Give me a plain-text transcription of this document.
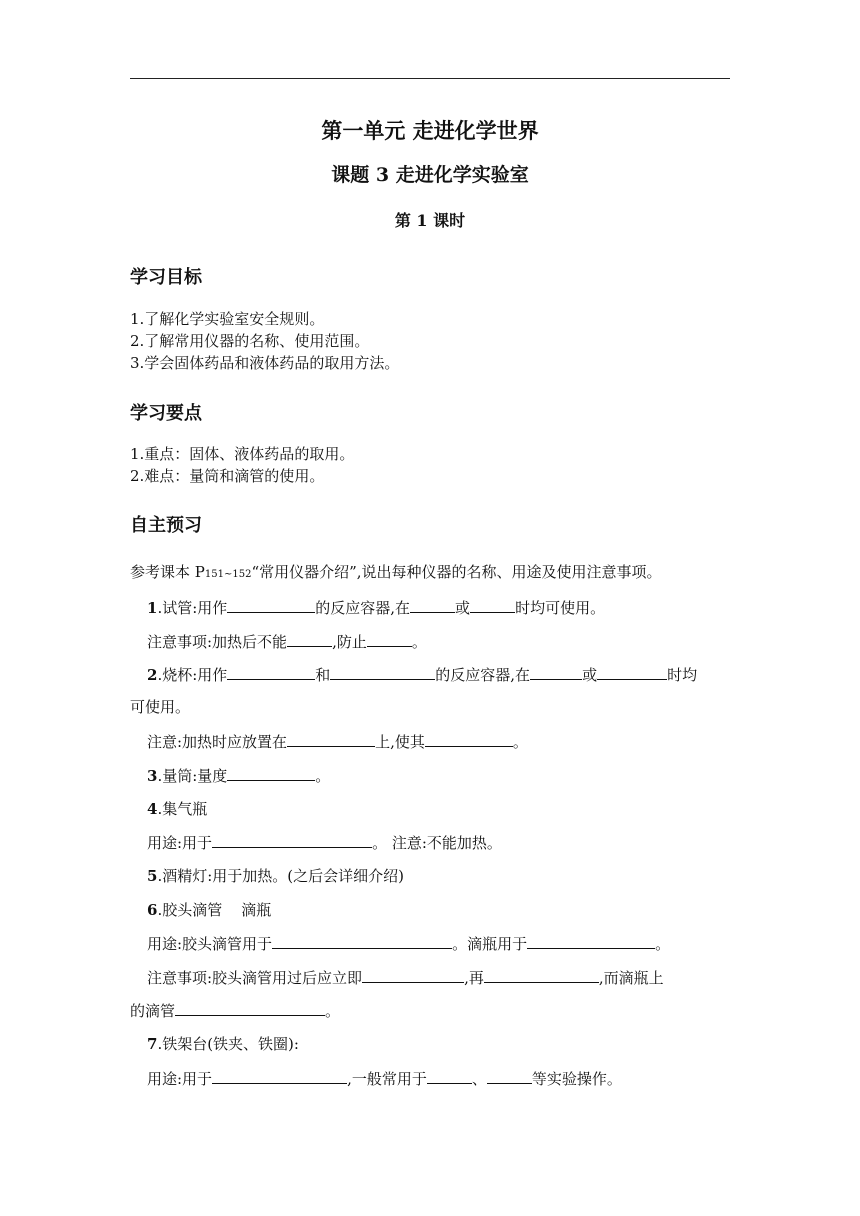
第一单元 走进化学世界
课题 3 走进化学实验室
第 1 课时
学习目标
1.了解化学实验室安全规则。
2.了解常用仪器的名称、使用范围。
3.学会固体药品和液体药品的取用方法。
学习要点
1.重点：固体、液体药品的取用。
2.难点：量筒和滴管的使用。
自主预习
参考课本 P151~152“常用仪器介绍”,说出每种仪器的名称、用途及使用注意事项。
1.试管:用作	的反应容器,在	或	时均可使用。
注意事项:加热后不能	,防止	。
2.烧杯:用作	和	的反应容器,在	或	时均
可使用。
注意:加热时应放置在	上,使其	。
3.量筒:量度	。
4.集气瓶
用途:用于	。 注意:不能加热。
5.酒精灯:用于加热。(之后会详细介绍)
6.胶头滴管    滴瓶
用途:胶头滴管用于	。滴瓶用于	。
注意事项:胶头滴管用过后应立即	,再	,而滴瓶上
的滴管	。
7.铁架台(铁夹、铁圈):
用途:用于	,一般常用于	、	等实验操作。
